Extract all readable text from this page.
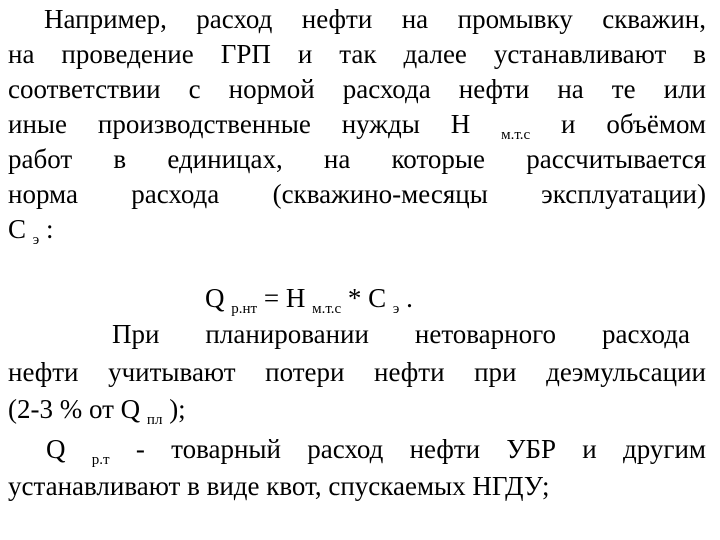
Например, расход нефти на промывку скважин,
на проведение ГРП и так далее устанавливают в
соответствии с нормой расхода нефти на те или
иные производственные нужды Н $_{м.т.с}$ и объёмом
работ в единицах, на которые рассчитывается
норма расхода (скважино-месяцы эксплуатации)
С $_э$ :
Q $_{р.нт}$ = Н $_{м.т.с}$ * С $_э$ .
При планировании нетоварного расхода
нефти учитывают потери нефти при деэмульсации
(2-3 % от Q $_{пл}$ );
Q $_{р.т}$ - товарный расход нефти УБР и другим
устанавливают в виде квот, спускаемых НГДУ;
